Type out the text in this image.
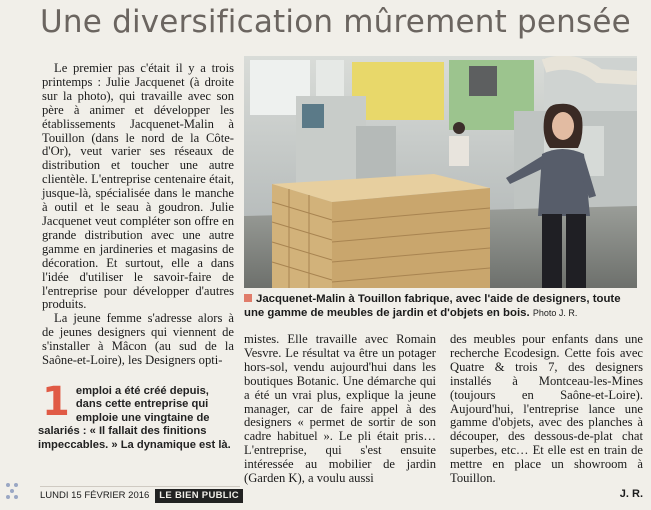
Une diversification mûrement pensée

Le premier pas c'était il y a trois printemps : Julie Jacquenet (à droite sur la photo), qui travaille avec son père à animer et développer les établissements Jacquenet-Malin à Touillon (dans le nord de la Côte-d'Or), veut varier ses réseaux de distribution et toucher une autre clientèle. L'entreprise centenaire était, jusque-là, spécialisée dans le manche à outil et le seau à goudron. Julie Jacquenet veut compléter son offre en grande distribution avec une autre gamme en jardineries et magasins de décoration. Et surtout, elle a dans l'idée d'utiliser le savoir-faire de l'entreprise pour développer d'autres produits.

La jeune femme s'adresse alors à de jeunes designers qui viennent de s'installer à Mâcon (au sud de la Saône-et-Loire), les Designers opti-

Jacquenet-Malin à Touillon fabrique, avec l'aide de designers, toute une gamme de meubles de jardin et d'objets en bois. Photo J. R.

mistes. Elle travaille avec Romain Vesvre. Le résultat va être un potager hors-sol, vendu aujourd'hui dans les boutiques Botanic. Une démarche qui a été un vrai plus, explique la jeune manager, car de faire appel à des designers « permet de sortir de son cadre habituel ». Le pli était pris… L'entreprise, qui s'est ensuite intéressée au mobilier de jardin (Garden K), a voulu aussi

des meubles pour enfants dans une recherche Ecodesign. Cette fois avec Quatre & trois 7, des designers installés à Montceau-les-Mines (toujours en Saône-et-Loire). Aujourd'hui, l'entreprise lance une gamme d'objets, avec des planches à découper, des dessous-de-plat chat superbes, etc… Et elle est en train de mettre en place un showroom à Touillon.

J. R.
1 emploi a été créé depuis, dans cette entreprise qui emploie une vingtaine de salariés : « Il fallait des finitions impeccables. » La dynamique est là.
LUNDI 15 FÉVRIER 2016	LE BIEN PUBLIC
